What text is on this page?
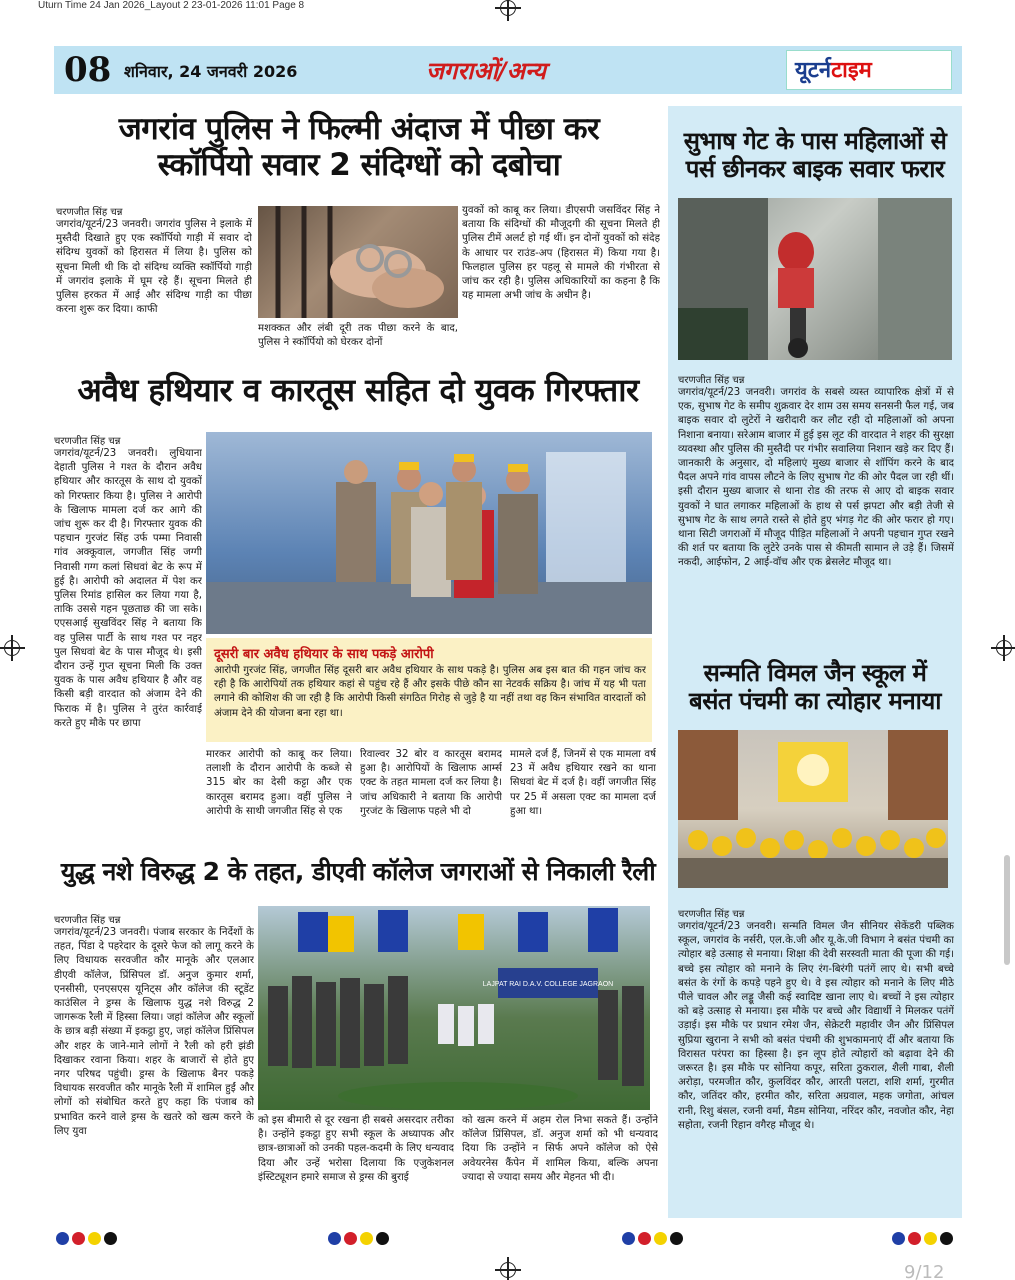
Uturn Time 24 Jan 2026_Layout 2 23-01-2026 11:01 Page 8
08 शनिवार, 24 जनवरी 2026	जगराओं/अन्य	यूटर्नटाइम
जगरांव पुलिस ने फिल्मी अंदाज में पीछा कर
स्कॉर्पियो सवार 2 संदिग्धों को दबोचा
चरणजीत सिंह चन्न
जगरांव/यूटर्न/23 जनवरी। जगरांव पुलिस ने इलाके में मुस्तैदी दिखाते हुए एक स्कॉर्पियो गाड़ी में सवार दो संदिग्ध युवकों को हिरासत में लिया है। पुलिस को सूचना मिली थी कि दो संदिग्ध व्यक्ति स्कॉर्पियो गाड़ी में जगरांव इलाके में घूम रहे हैं। सूचना मिलते ही पुलिस हरकत में आई और संदिग्ध गाड़ी का पीछा करना शुरू कर दिया। काफी
मशक्कत और लंबी दूरी तक पीछा करने के बाद, पुलिस ने स्कॉर्पियो को घेरकर दोनों
युवकों को काबू कर लिया। डीएसपी जसविंदर सिंह ने बताया कि संदिग्धों की मौजूदगी की सूचना मिलते ही पुलिस टीमें अलर्ट हो गई थीं। इन दोनों युवकों को संदेह के आधार पर राउंड-अप (हिरासत में) किया गया है। फिलहाल पुलिस हर पहलू से मामले की गंभीरता से जांच कर रही है। पुलिस अधिकारियों का कहना है कि यह मामला अभी जांच के अधीन है।
अवैध हथियार व कारतूस सहित दो युवक गिरफ्तार
चरणजीत सिंह चन्न
जगरांव/यूटर्न/23 जनवरी। लुधियाना देहाती पुलिस ने गश्त के दौरान अवैध हथियार और कारतूस के साथ दो युवकों को गिरफ्तार किया है। पुलिस ने आरोपी के खिलाफ मामला दर्ज कर आगे की जांच शुरू कर दी है। गिरफ्तार युवक की पहचान गुरजंट सिंह उर्फ पम्मा निवासी गांव अक्कूवाल, जगजीत सिंह जग्गी निवासी गग्ग कलां सिधवां बेट के रूप में हुई है। आरोपी को अदालत में पेश कर पुलिस रिमांड हासिल कर लिया गया है, ताकि उससे गहन पूछताछ की जा सके। एएसआई सुखविंदर सिंह ने बताया कि वह पुलिस पार्टी के साथ गश्त पर नहर पुल सिधवां बेट के पास मौजूद थे। इसी दौरान उन्हें गुप्त सूचना मिली कि उक्त युवक के पास अवैध हथियार है और वह किसी बड़ी वारदात को अंजाम देने की फिराक में है। पुलिस ने तुरंत कार्रवाई करते हुए मौके पर छापा
दूसरी बार अवैध हथियार के साथ पकड़े आरोपी
आरोपी गुरजंट सिंह, जगजीत सिंह दूसरी बार अवैध हथियार के साथ पकड़े है। पुलिस अब इस बात की गहन जांच कर रही है कि आरोपियों तक हथियार कहां से पहुंच रहे हैं और इसके पीछे कौन सा नेटवर्क सक्रिय है। जांच में यह भी पता लगाने की कोशिश की जा रही है कि आरोपी किसी संगठित गिरोह से जुड़े है या नहीं तथा वह किन संभावित वारदातों को अंजाम देने की योजना बना रहा था।
मारकर आरोपी को काबू कर लिया। तलाशी के दौरान आरोपी के कब्जे से 315 बोर का देसी कट्टा और एक कारतूस बरामद हुआ। वहीं पुलिस ने आरोपी के साथी जगजीत सिंह से एक
रिवाल्वर 32 बोर व कारतूस बरामद हुआ है। आरोपियों के खिलाफ आर्म्स एक्ट के तहत मामला दर्ज कर लिया है। जांच अधिकारी ने बताया कि आरोपी गुरजंट के खिलाफ पहले भी दो
मामले दर्ज हैं, जिनमें से एक मामला वर्ष 23 में अवैध हथियार रखने का थाना सिधवां बेट में दर्ज है। वहीं जगजीत सिंह पर 25 में असला एक्ट का मामला दर्ज हुआ था।
युद्ध नशे विरुद्ध 2 के तहत, डीएवी कॉलेज जगराओं से निकाली रैली
चरणजीत सिंह चन्न
जगरांव/यूटर्न/23 जनवरी। पंजाब सरकार के निर्देशों के तहत, पिंडा दे पहरेदार के दूसरे फेज को लागू करने के लिए विधायक सरवजीत कौर मानूके और एलआर डीएवी कॉलेज, प्रिंसिपल डॉ. अनुज कुमार शर्मा, एनसीसी, एनएसएस यूनिट्स और कॉलेज की स्टूडेंट काउंसिल ने ड्रग्स के खिलाफ युद्ध नशे विरुद्ध 2 जागरूक रैली में हिस्सा लिया। जहां कॉलेज और स्कूलों के छात्र बड़ी संख्या में इकट्ठा हुए, जहां कॉलेज प्रिंसिपल और शहर के जाने-माने लोगों ने रैली को हरी झंडी दिखाकर रवाना किया। शहर के बाजारों से होते हुए नगर परिषद पहुंची। ड्रग्स के खिलाफ बैनर पकड़े विधायक सरवजीत कौर मानूके रैली में शामिल हुईं और लोगों को संबोधित करते हुए कहा कि पंजाब को प्रभावित करने वाले ड्रग्स के खतरे को खत्म करने के लिए युवा
LAJPAT RAI D.A.V. COLLEGE JAGRAON
को इस बीमारी से दूर रखना ही सबसे असरदार तरीका है। उन्होंने इकट्ठा हुए सभी स्कूल के अध्यापक और छात्र-छात्राओं को उनकी पहल-कदमी के लिए धन्यवाद दिया और उन्हें भरोसा दिलाया कि एजुकेशनल इंस्टिट्यूशन हमारे समाज से ड्रग्स की बुराई
को खत्म करने में अहम रोल निभा सकते हैं। उन्होंने कॉलेज प्रिंसिपल, डॉ. अनुज शर्मा को भी धन्यवाद दिया कि उन्होंने न सिर्फ अपने कॉलेज को ऐसे अवेयरनेस कैंपेन में शामिल किया, बल्कि अपना ज्यादा से ज्यादा समय और मेहनत भी दी।
सुभाष गेट के पास महिलाओं से
पर्स छीनकर बाइक सवार फरार
चरणजीत सिंह चन्न
जगरांव/यूटर्न/23 जनवरी। जगरांव के सबसे व्यस्त व्यापारिक क्षेत्रों में से एक, सुभाष गेट के समीप शुक्रवार देर शाम उस समय सनसनी फैल गई, जब बाइक सवार दो लुटेरों ने खरीदारी कर लौट रही दो महिलाओं को अपना निशाना बनाया। सरेआम बाजार में हुई इस लूट की वारदात ने शहर की सुरक्षा व्यवस्था और पुलिस की मुस्तैदी पर गंभीर सवालिया निशान खड़े कर दिए हैं। जानकारी के अनुसार, दो महिलाएं मुख्य बाजार से शॉपिंग करने के बाद पैदल अपने गांव वापस लौटने के लिए सुभाष गेट की ओर पैदल जा रही थीं। इसी दौरान मुख्य बाजार से थाना रोड की तरफ से आए दो बाइक सवार युवकों ने घात लगाकर महिलाओं के हाथ से पर्स झपटा और बड़ी तेजी से सुभाष गेट के साथ लगते रास्ते से होते हुए भंगड़ गेट की ओर फरार हो गए। थाना सिटी जगराओं में मौजूद पीड़ित महिलाओं ने अपनी पहचान गुप्त रखने की शर्त पर बताया कि लुटेरे उनके पास से कीमती सामान ले उड़े हैं। जिसमें नकदी, आईफोन, 2 आई-वॉच और एक ब्रेसलेट मौजूद था।
सन्मति विमल जैन स्कूल में
बसंत पंचमी का त्योहार मनाया
चरणजीत सिंह चन्न
जगरांव/यूटर्न/23 जनवरी। सन्मति विमल जैन सीनियर सेकेंडरी पब्लिक स्कूल, जगरांव के नर्सरी, एल.के.जी और यू.के.जी विभाग ने बसंत पंचमी का त्योहार बड़े उत्साह से मनाया। शिक्षा की देवी सरस्वती माता की पूजा की गई। बच्चे इस त्योहार को मनाने के लिए रंग-बिरंगी पतंगें लाए थे। सभी बच्चे बसंत के रंगों के कपड़े पहने हुए थे। वे इस त्योहार को मनाने के लिए मीठे पीले चावल और लड्डू जैसी कई स्वादिष्ट खाना लाए थे। बच्चों ने इस त्योहार को बड़े उत्साह से मनाया। इस मौके पर बच्चे और विद्यार्थी ने मिलकर पतंगें उड़ाई। इस मौके पर प्रधान रमेश जैन, सेक्रेटरी महावीर जैन और प्रिंसिपल सुप्रिया खुराना ने सभी को बसंत पंचमी की शुभकामनाएं दीं और बताया कि विरासत परंपरा का हिस्सा है। इन लूप होते त्योहारों को बढ़ावा देने की जरूरत है। इस मौके पर सोनिया कपूर, सरिता ठुकराल, शैली गाबा, शैली अरोड़ा, परमजीत कौर, कुलविंदर कौर, आरती पलटा, शशि शर्मा, गुरमीत कौर, जतिंदर कौर, हरमीत कौर, सरिता अग्रवाल, महक जगोता, आंचल रानी, रिशु बंसल, रजनी वर्मा, मैडम सोनिया, नरिंदर कौर, नवजोत कौर, नेहा सहोता, रजनी रिहान वगैरह मौजूद थे।
9/12
